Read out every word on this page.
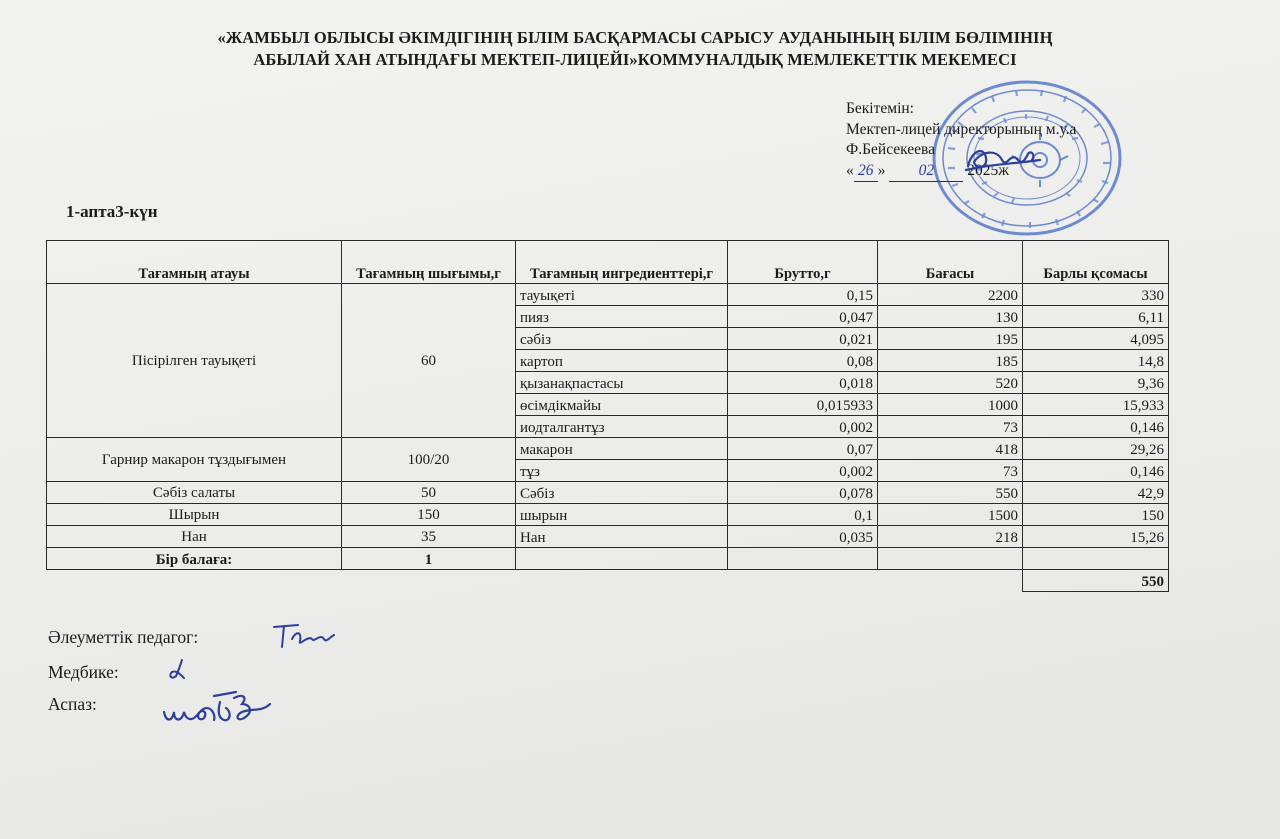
«ЖАМБЫЛ ОБЛЫСЫ ӘКІМДІГІНІҢ БІЛІМ БАСҚАРМАСЫ САРЫСУ АУДАНЫНЫҢ БІЛІМ БӨЛІМІНІҢ
АБЫЛАЙ ХАН АТЫНДАҒЫ МЕКТЕП-ЛИЦЕЙІ»КОММУНАЛДЫҚ МЕМЛЕКЕТТІК МЕКЕМЕСІ
Бекітемін:
Мектеп-лицей директорының м.у.а
Ф.Бейсекеева
« 26 » 02 2025ж
1-апта3-күн
Тағамның атауы	Тағамның шығымы,г	Тағамның ингредиенттері,г	Брутто,г	Бағасы	Барлы қсомасы
Пісірілген тауықеті	60	тауықеті	0,15	2200	330
		пияз	0,047	130	6,11
		сәбіз	0,021	195	4,095
		картоп	0,08	185	14,8
		қызанақпастасы	0,018	520	9,36
		өсімдікмайы	0,015933	1000	15,933
		иодталгантұз	0,002	73	0,146
Гарнир макарон тұздығымен	100/20	макарон	0,07	418	29,26
		тұз	0,002	73	0,146
Сәбіз салаты	50	Сәбіз	0,078	550	42,9
Шырын	150	шырын	0,1	1500	150
Нан	35	Нан	0,035	218	15,26
Бір балаға:	1				
					550
Әлеуметтік педагог:
Медбике:
Аспаз:
